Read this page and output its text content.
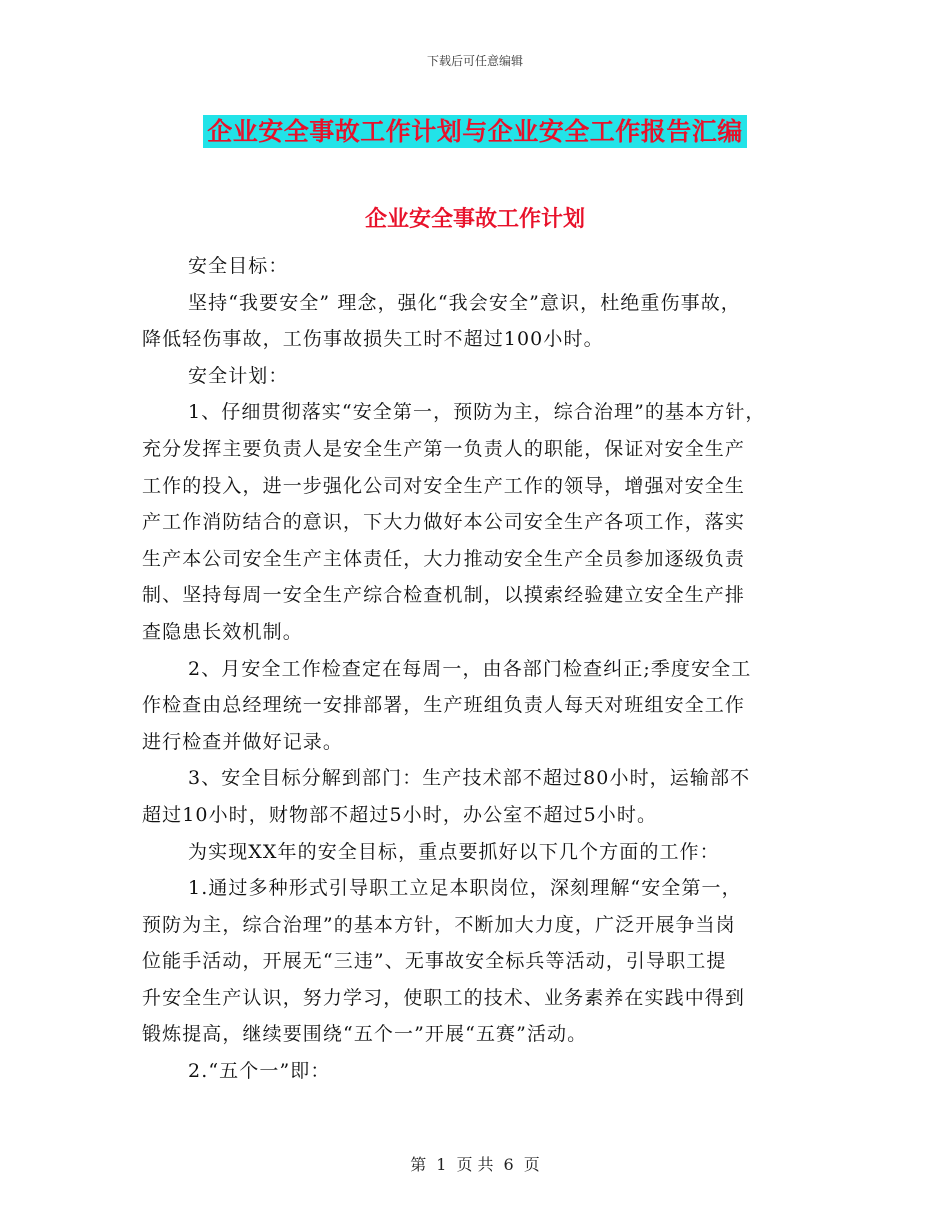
下载后可任意编辑
企业安全事故工作计划与企业安全工作报告汇编
企业安全事故工作计划
安全目标：
坚持“我要安全” 理念，强化“我会安全”意识，杜绝重伤事故，
降低轻伤事故，工伤事故损失工时不超过100小时。
安全计划：
1、仔细贯彻落实“安全第一，预防为主，综合治理”的基本方针，
充分发挥主要负责人是安全生产第一负责人的职能，保证对安全生产
工作的投入，进一步强化公司对安全生产工作的领导，增强对安全生
产工作消防结合的意识，下大力做好本公司安全生产各项工作，落实
生产本公司安全生产主体责任，大力推动安全生产全员参加逐级负责
制、坚持每周一安全生产综合检查机制，以摸索经验建立安全生产排
查隐患长效机制。
2、月安全工作检查定在每周一，由各部门检查纠正;季度安全工
作检查由总经理统一安排部署，生产班组负责人每天对班组安全工作
进行检查并做好记录。
3、安全目标分解到部门：生产技术部不超过80小时，运输部不
超过10小时，财物部不超过5小时，办公室不超过5小时。
为实现XX年的安全目标，重点要抓好以下几个方面的工作：
1.通过多种形式引导职工立足本职岗位，深刻理解“安全第一，
预防为主，综合治理”的基本方针，不断加大力度，广泛开展争当岗
位能手活动，开展无“三违”、无事故安全标兵等活动，引导职工提
升安全生产认识，努力学习，使职工的技术、业务素养在实践中得到
锻炼提高，继续要围绕“五个一”开展“五赛”活动。
2.“五个一”即：
第 1 页 共 6 页
